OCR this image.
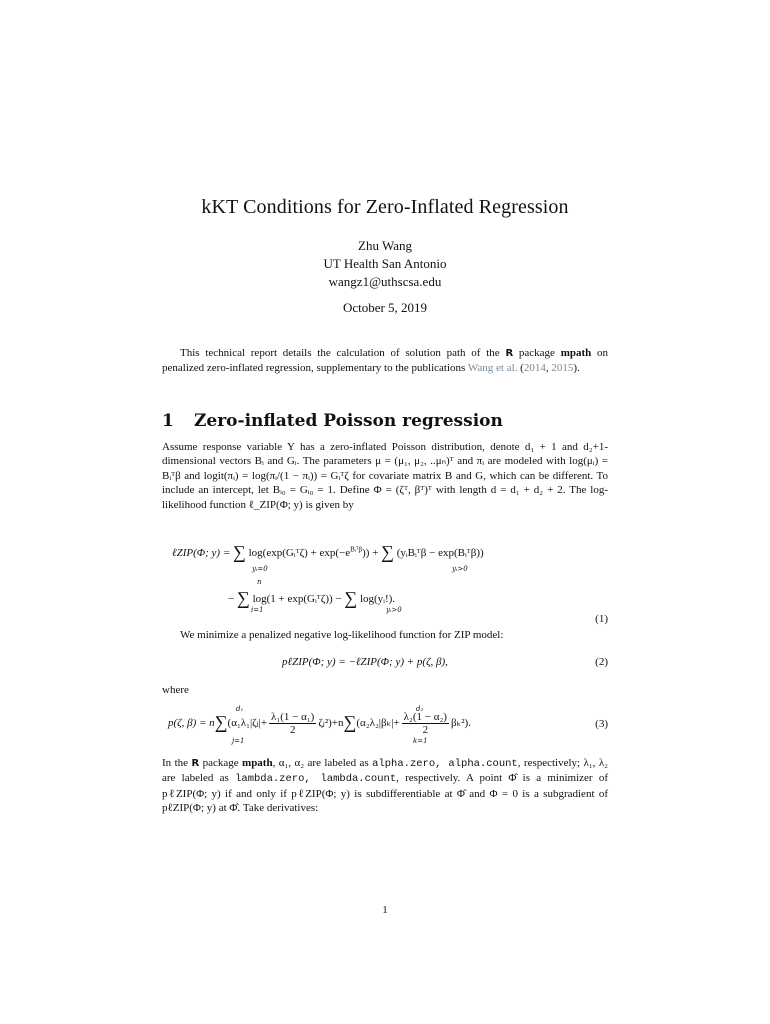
kKT Conditions for Zero-Inflated Regression
Zhu Wang
UT Health San Antonio
wangz1@uthscsa.edu
October 5, 2019
This technical report details the calculation of solution path of the R package mpath on penalized zero-inflated regression, supplementary to the publications Wang et al. (2014, 2015).
1 Zero-inflated Poisson regression
Assume response variable Y has a zero-inflated Poisson distribution, denote d₁ + 1 and d₂+1-dimensional vectors Bᵢ and Gᵢ. The parameters μ = (μ₁, μ₂, ..μₙ)ᵀ and πᵢ are modeled with log(μᵢ) = Bᵢᵀβ and logit(πᵢ) = log(πᵢ/(1 − πᵢ)) = Gᵢᵀζ for covariate matrix B and G, which can be different. To include an intercept, let Bᵢ₀ = Gᵢ₀ = 1. Define Φ = (ζᵀ, βᵀ)ᵀ with length d = d₁ + d₂ + 2. The log-likelihood function ℓ_ZIP(Φ; y) is given by
ℓZIP(Φ; y) = ∑ log(exp(Gᵢᵀζ) + $\exp(-e^{Bᵢᵀ\beta})$) + ∑ (yᵢBᵢᵀβ − exp(Bᵢᵀβ))
yᵢ=0	yᵢ>0
n
− ∑ log(1 + exp(Gᵢᵀζ)) − ∑ log(yᵢ!).
i=1	yᵢ>0
(1)
We minimize a penalized negative log-likelihood function for ZIP model:
pℓZIP(Φ; y) = −ℓZIP(Φ; y) + p(ζ, β),	(2)
where
d₁	d₂
p(ζ, β) = n∑(α₁λ₁|ζⱼ|+ $\frac{\text{λ₁(1 − α₁)}}{2}$ ζⱼ²)+n∑(α₂λ₂|βₖ|+ $\frac{\text{λ₂(1 − α₂)}}{2} \beta_k^2$).
j=1	k=1
(3)
In the R package mpath, α₁, α₂ are labeled as alpha.zero, alpha.count, respectively; λ₁, λ₂ are labeled as lambda.zero, lambda.count, respectively. A point Φ̂ is a minimizer of pℓZIP(Φ; y) if and only if pℓZIP(Φ; y) is subdifferentiable at Φ̂ and Φ = 0 is a subgradient of pℓZIP(Φ; y) at Φ̂. Take derivatives:
1
